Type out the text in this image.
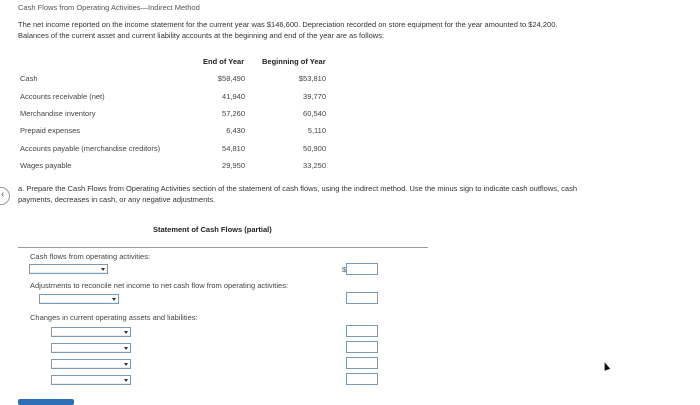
Cash Flows from Operating Activities—Indirect Method
The net income reported on the income statement for the current year was $146,600. Depreciation recorded on store equipment for the year amounted to $24,200.
Balances of the current asset and current liability accounts at the beginning and end of the year are as follows:
End of Year Beginning of Year
Cash	$58,490	$53,810
Accounts receivable (net)	41,940	39,770
Merchandise inventory	57,260	60,540
Prepaid expenses	6,430	5,110
Accounts payable (merchandise creditors)	54,810	50,900
Wages payable	29,950	33,250
‹
a. Prepare the Cash Flows from Operating Activities section of the statement of cash flows, using the indirect method. Use the minus sign to indicate cash outflows, cash
payments, decreases in cash, or any negative adjustments.
Statement of Cash Flows (partial)
Cash flows from operating activities:
$
Adjustments to reconcile net income to net cash flow from operating activities:
Changes in current operating assets and liabilities:
